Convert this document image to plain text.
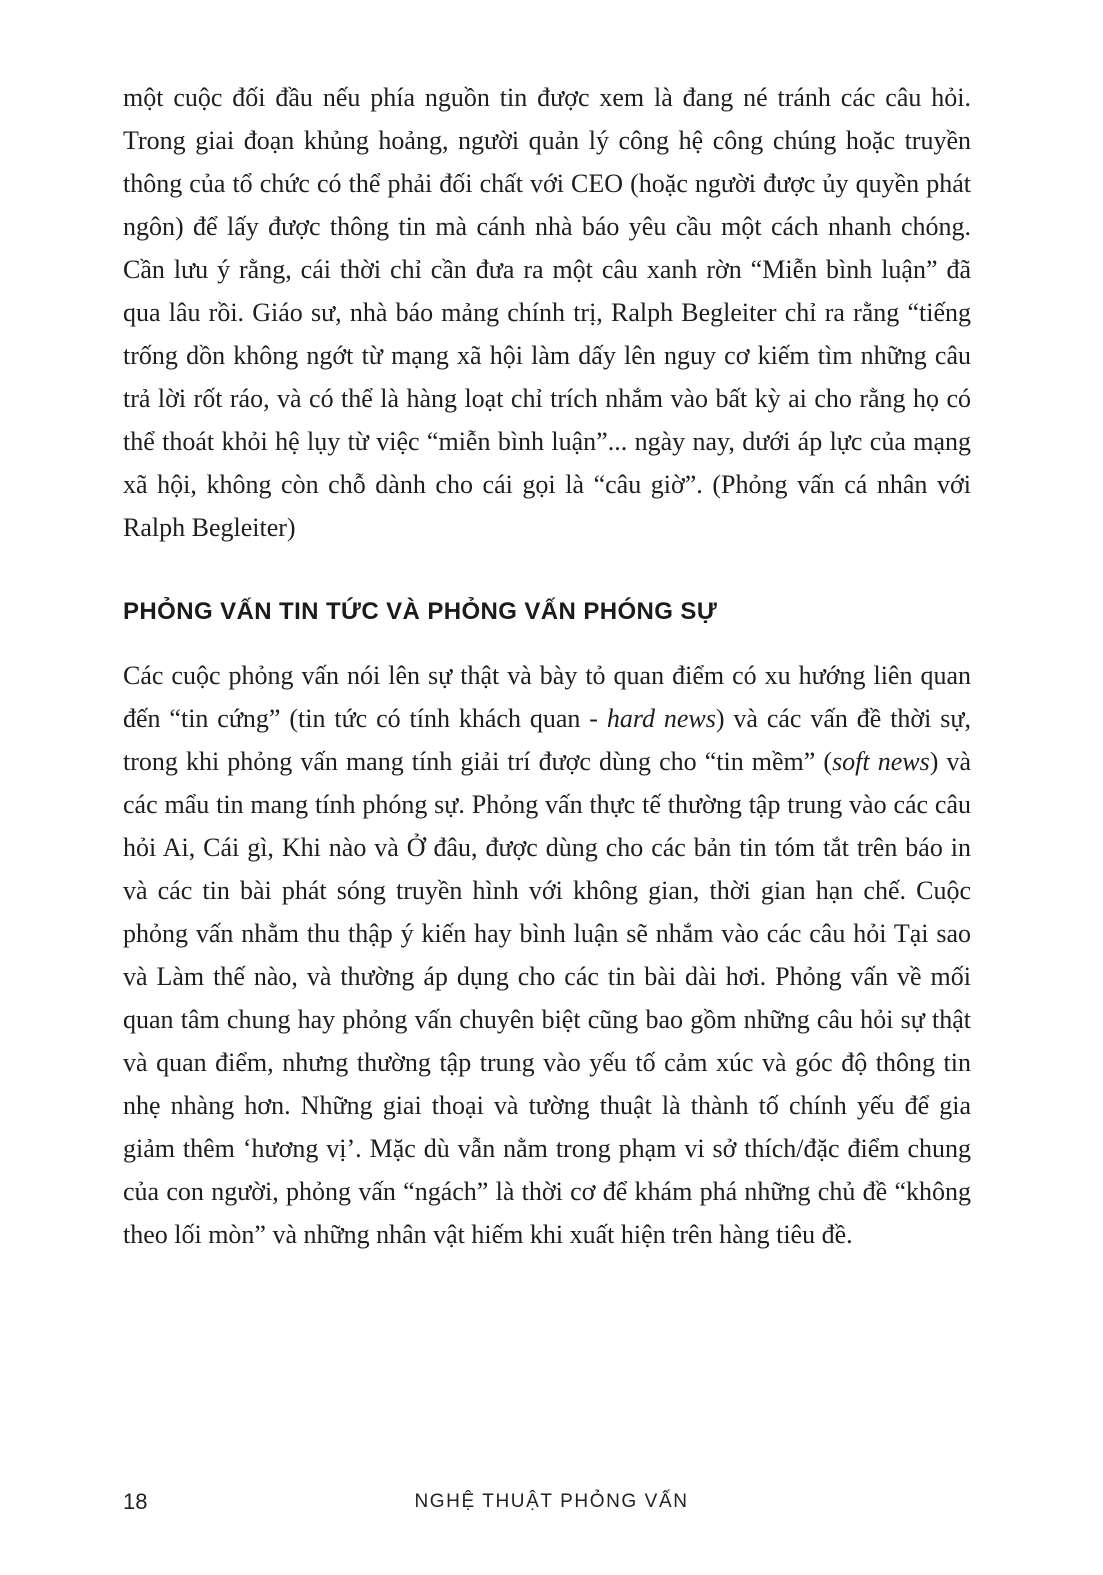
một cuộc đối đầu nếu phía nguồn tin được xem là đang né tránh các câu hỏi. Trong giai đoạn khủng hoảng, người quản lý công hệ công chúng hoặc truyền thông của tổ chức có thể phải đối chất với CEO (hoặc người được ủy quyền phát ngôn) để lấy được thông tin mà cánh nhà báo yêu cầu một cách nhanh chóng. Cần lưu ý rằng, cái thời chỉ cần đưa ra một câu xanh rờn “Miễn bình luận” đã qua lâu rồi. Giáo sư, nhà báo mảng chính trị, Ralph Begleiter chỉ ra rằng “tiếng trống dồn không ngớt từ mạng xã hội làm dấy lên nguy cơ kiếm tìm những câu trả lời rốt ráo, và có thể là hàng loạt chỉ trích nhắm vào bất kỳ ai cho rằng họ có thể thoát khỏi hệ lụy từ việc “miễn bình luận”... ngày nay, dưới áp lực của mạng xã hội, không còn chỗ dành cho cái gọi là “câu giờ”. (Phỏng vấn cá nhân với Ralph Begleiter)

PHỎNG VẤN TIN TỨC VÀ PHỎNG VẤN PHÓNG SỰ

Các cuộc phỏng vấn nói lên sự thật và bày tỏ quan điểm có xu hướng liên quan đến “tin cứng” (tin tức có tính khách quan - hard news) và các vấn đề thời sự, trong khi phỏng vấn mang tính giải trí được dùng cho “tin mềm” (soft news) và các mẩu tin mang tính phóng sự. Phỏng vấn thực tế thường tập trung vào các câu hỏi Ai, Cái gì, Khi nào và Ở đâu, được dùng cho các bản tin tóm tắt trên báo in và các tin bài phát sóng truyền hình với không gian, thời gian hạn chế. Cuộc phỏng vấn nhằm thu thập ý kiến hay bình luận sẽ nhắm vào các câu hỏi Tại sao và Làm thế nào, và thường áp dụng cho các tin bài dài hơi. Phỏng vấn về mối quan tâm chung hay phỏng vấn chuyên biệt cũng bao gồm những câu hỏi sự thật và quan điểm, nhưng thường tập trung vào yếu tố cảm xúc và góc độ thông tin nhẹ nhàng hơn. Những giai thoại và tường thuật là thành tố chính yếu để gia giảm thêm ‘hương vị’. Mặc dù vẫn nằm trong phạm vi sở thích/đặc điểm chung của con người, phỏng vấn “ngách” là thời cơ để khám phá những chủ đề “không theo lối mòn” và những nhân vật hiếm khi xuất hiện trên hàng tiêu đề.

18	NGHỆ THUẬT PHỎNG VẤN
